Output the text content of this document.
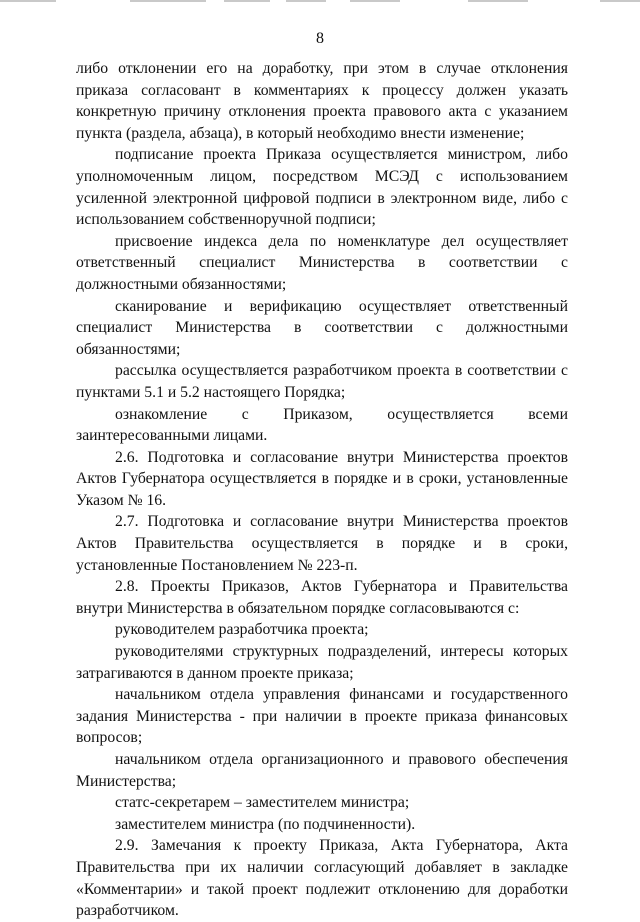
8

либо отклонении его на доработку, при этом в случае отклонения приказа согласовант в комментариях к процессу должен указать конкретную причину отклонения проекта правового акта с указанием пункта (раздела, абзаца), в который необходимо внести изменение;

подписание проекта Приказа осуществляется министром, либо уполномоченным лицом, посредством МСЭД с использованием усиленной электронной цифровой подписи в электронном виде, либо с использованием собственноручной подписи;

присвоение индекса дела по номенклатуре дел осуществляет ответственный специалист Министерства в соответствии с должностными обязанностями;

сканирование и верификацию осуществляет ответственный специалист Министерства в соответствии с должностными обязанностями;

рассылка осуществляется разработчиком проекта в соответствии с пунктами 5.1 и 5.2 настоящего Порядка;

ознакомление с Приказом, осуществляется всеми заинтересованными лицами.

2.6. Подготовка и согласование внутри Министерства проектов Актов Губернатора осуществляется в порядке и в сроки, установленные Указом № 16.

2.7. Подготовка и согласование внутри Министерства проектов Актов Правительства осуществляется в порядке и в сроки, установленные Постановлением № 223-п.

2.8. Проекты Приказов, Актов Губернатора и Правительства внутри Министерства в обязательном порядке согласовываются с:

руководителем разработчика проекта;

руководителями структурных подразделений, интересы которых затрагиваются в данном проекте приказа;

начальником отдела управления финансами и государственного задания Министерства - при наличии в проекте приказа финансовых вопросов;

начальником отдела организационного и правового обеспечения Министерства;

статс-секретарем – заместителем министра;

заместителем министра (по подчиненности).

2.9. Замечания к проекту Приказа, Акта Губернатора, Акта Правительства при их наличии согласующий добавляет в закладке «Комментарии» и такой проект подлежит отклонению для доработки разработчиком.
